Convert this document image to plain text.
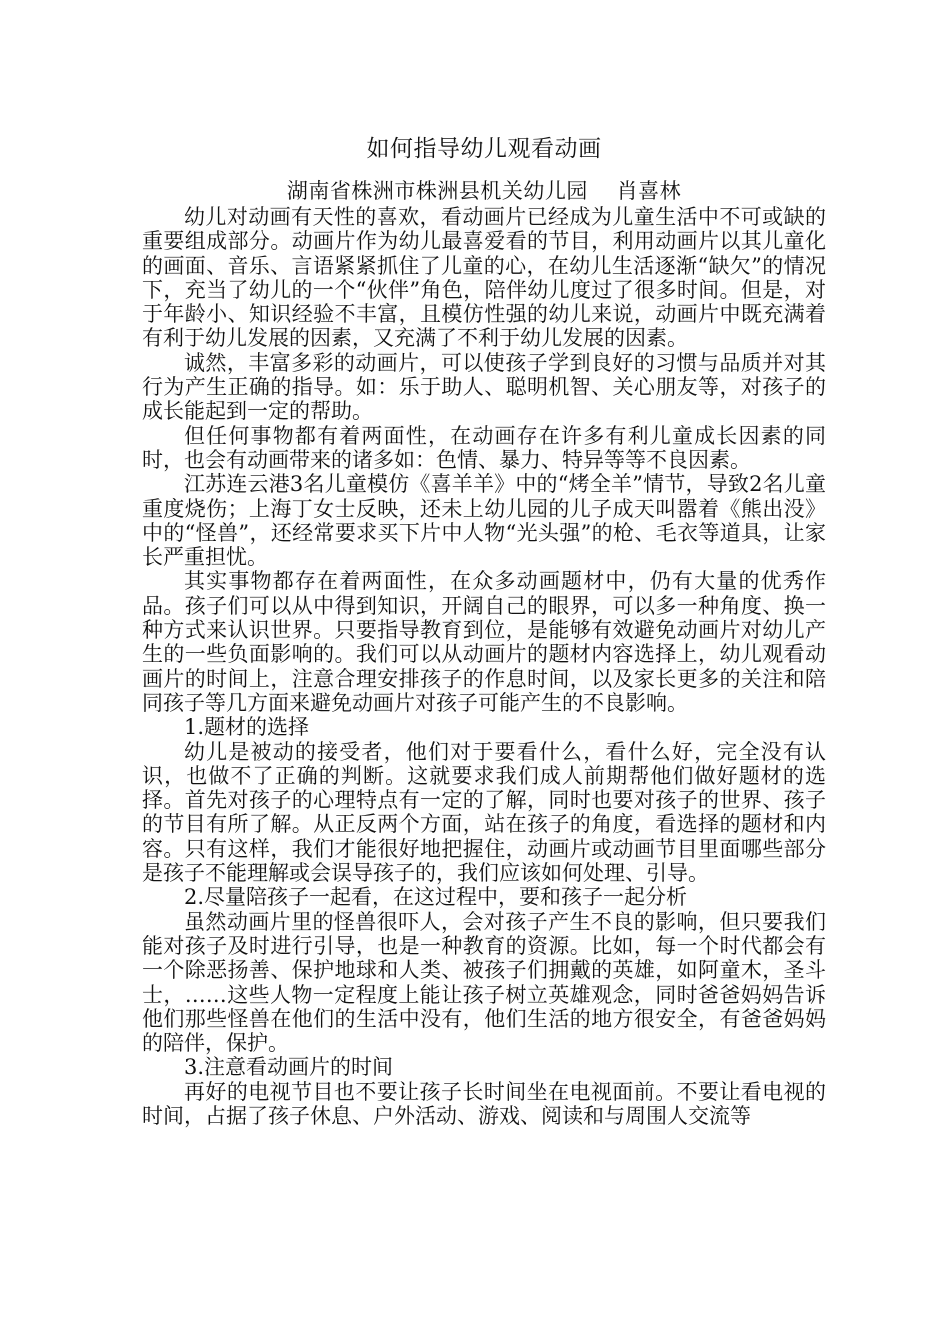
如何指导幼儿观看动画
湖南省株洲市株洲县机关幼儿园　 肖喜林

幼儿对动画有天性的喜欢，看动画片已经成为儿童生活中不可或缺的重要组成部分。动画片作为幼儿最喜爱看的节目，利用动画片以其儿童化的画面、音乐、言语紧紧抓住了儿童的心，在幼儿生活逐渐“缺欠”的情况下，充当了幼儿的一个“伙伴”角色，陪伴幼儿度过了很多时间。但是，对于年龄小、知识经验不丰富，且模仿性强的幼儿来说，动画片中既充满着有利于幼儿发展的因素，又充满了不利于幼儿发展的因素。

诚然，丰富多彩的动画片，可以使孩子学到良好的习惯与品质并对其行为产生正确的指导。如：乐于助人、聪明机智、关心朋友等，对孩子的成长能起到一定的帮助。

但任何事物都有着两面性，在动画存在许多有利儿童成长因素的同时，也会有动画带来的诸多如：色情、暴力、特异等等不良因素。

江苏连云港3名儿童模仿《喜羊羊》中的“烤全羊”情节，导致2名儿童重度烧伤；上海丁女士反映，还未上幼儿园的儿子成天叫嚣着《熊出没》中的“怪兽”，还经常要求买下片中人物“光头强”的枪、毛衣等道具，让家长严重担忧。

其实事物都存在着两面性，在众多动画题材中，仍有大量的优秀作品。孩子们可以从中得到知识，开阔自己的眼界，可以多一种角度、换一种方式来认识世界。只要指导教育到位，是能够有效避免动画片对幼儿产生的一些负面影响的。我们可以从动画片的题材内容选择上，幼儿观看动画片的时间上，注意合理安排孩子的作息时间，以及家长更多的关注和陪同孩子等几方面来避免动画片对孩子可能产生的不良影响。

1.题材的选择

幼儿是被动的接受者，他们对于要看什么，看什么好，完全没有认识，也做不了正确的判断。这就要求我们成人前期帮他们做好题材的选择。首先对孩子的心理特点有一定的了解，同时也要对孩子的世界、孩子的节目有所了解。从正反两个方面，站在孩子的角度，看选择的题材和内容。只有这样，我们才能很好地把握住，动画片或动画节目里面哪些部分是孩子不能理解或会误导孩子的，我们应该如何处理、引导。

2.尽量陪孩子一起看，在这过程中，要和孩子一起分析

虽然动画片里的怪兽很吓人，会对孩子产生不良的影响，但只要我们能对孩子及时进行引导，也是一种教育的资源。比如，每一个时代都会有一个除恶扬善、保护地球和人类、被孩子们拥戴的英雄，如阿童木，圣斗士，……这些人物一定程度上能让孩子树立英雄观念，同时爸爸妈妈告诉他们那些怪兽在他们的生活中没有，他们生活的地方很安全，有爸爸妈妈的陪伴，保护。

3.注意看动画片的时间

再好的电视节目也不要让孩子长时间坐在电视面前。不要让看电视的时间，占据了孩子休息、户外活动、游戏、阅读和与周围人交流等
